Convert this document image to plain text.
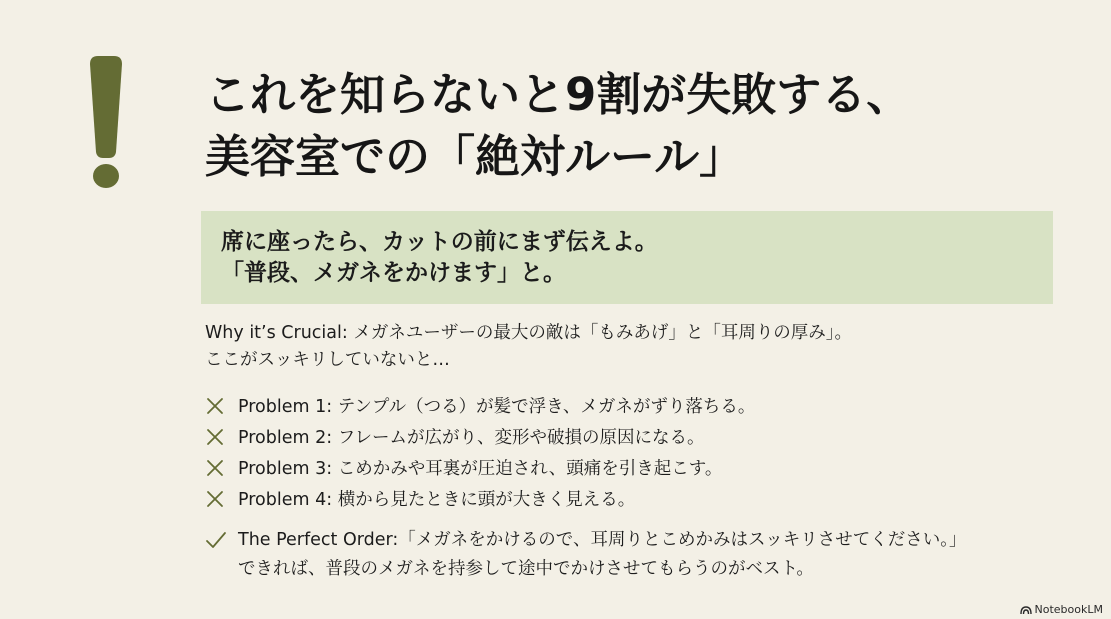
これを知らないと9割が失敗する、
美容室での「絶対ルール」
席に座ったら、カットの前にまず伝えよ。
「普段、メガネをかけます」と。
Why it’s Crucial: メガネユーザーの最大の敵は「もみあげ」と「耳周りの厚み」。
ここがスッキリしていないと…
Problem 1: テンプル（つる）が髪で浮き、メガネがずり落ちる。
Problem 2: フレームが広がり、変形や破損の原因になる。
Problem 3: こめかみや耳裏が圧迫され、頭痛を引き起こす。
Problem 4: 横から見たときに頭が大きく見える。
The Perfect Order:「メガネをかけるので、耳周りとこめかみはスッキリさせてください。」
できれば、普段のメガネを持参して途中でかけさせてもらうのがベスト。
NotebookLM
